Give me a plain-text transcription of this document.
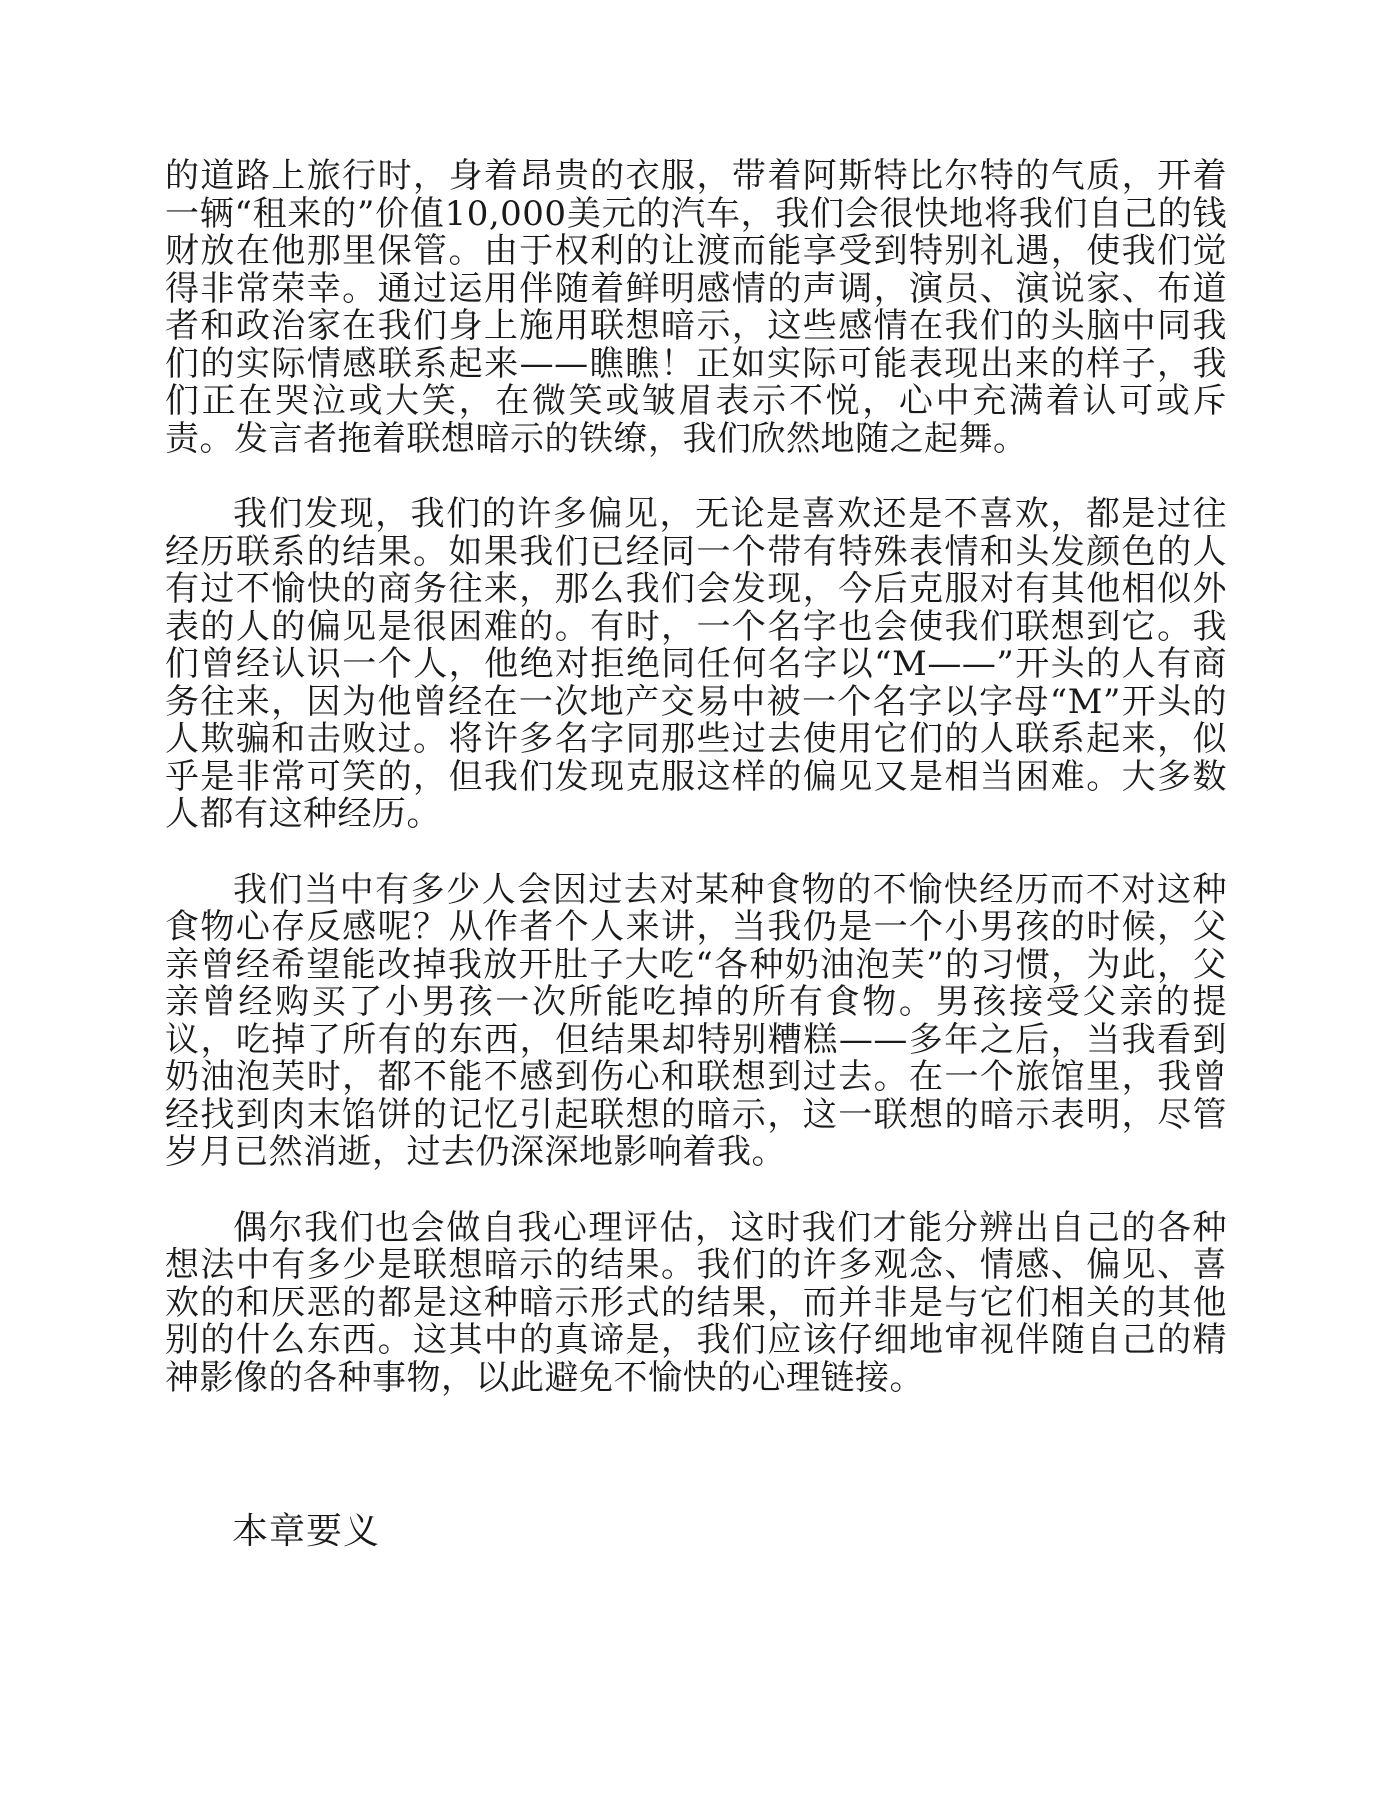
的道路上旅行时，身着昂贵的衣服，带着阿斯特比尔特的气质，开着一辆“租来的”价值10,000美元的汽车，我们会很快地将我们自己的钱财放在他那里保管。由于权利的让渡而能享受到特别礼遇，使我们觉得非常荣幸。通过运用伴随着鲜明感情的声调，演员、演说家、布道者和政治家在我们身上施用联想暗示，这些感情在我们的头脑中同我们的实际情感联系起来——瞧瞧！正如实际可能表现出来的样子，我们正在哭泣或大笑，在微笑或皱眉表示不悦，心中充满着认可或斥责。发言者拖着联想暗示的铁缭，我们欣然地随之起舞。

我们发现，我们的许多偏见，无论是喜欢还是不喜欢，都是过往经历联系的结果。如果我们已经同一个带有特殊表情和头发颜色的人有过不愉快的商务往来，那么我们会发现，今后克服对有其他相似外表的人的偏见是很困难的。有时，一个名字也会使我们联想到它。我们曾经认识一个人，他绝对拒绝同任何名字以“M——”开头的人有商务往来，因为他曾经在一次地产交易中被一个名字以字母“M”开头的人欺骗和击败过。将许多名字同那些过去使用它们的人联系起来，似乎是非常可笑的，但我们发现克服这样的偏见又是相当困难。大多数人都有这种经历。

我们当中有多少人会因过去对某种食物的不愉快经历而不对这种食物心存反感呢？从作者个人来讲，当我仍是一个小男孩的时候，父亲曾经希望能改掉我放开肚子大吃“各种奶油泡芙”的习惯，为此，父亲曾经购买了小男孩一次所能吃掉的所有食物。男孩接受父亲的提议，吃掉了所有的东西，但结果却特别糟糕——多年之后，当我看到奶油泡芙时，都不能不感到伤心和联想到过去。在一个旅馆里，我曾经找到肉末馅饼的记忆引起联想的暗示，这一联想的暗示表明，尽管岁月已然消逝，过去仍深深地影响着我。

偶尔我们也会做自我心理评估，这时我们才能分辨出自己的各种想法中有多少是联想暗示的结果。我们的许多观念、情感、偏见、喜欢的和厌恶的都是这种暗示形式的结果，而并非是与它们相关的其他别的什么东西。这其中的真谛是，我们应该仔细地审视伴随自己的精神影像的各种事物，以此避免不愉快的心理链接。

本章要义
